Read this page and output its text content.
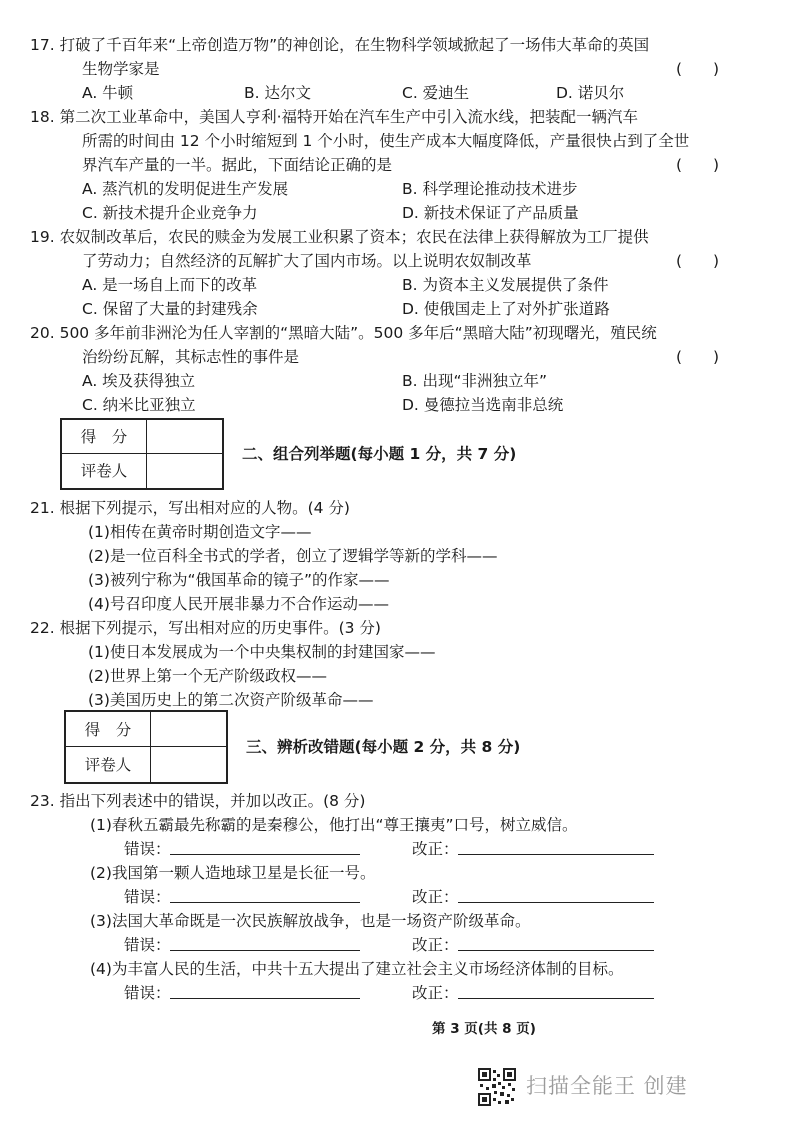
17. 打破了千百年来“上帝创造万物”的神创论，在生物科学领域掀起了一场伟大革命的英国
生物学家是	(　　)
A. 牛顿	B. 达尔文	C. 爱迪生	D. 诺贝尔
18. 第二次工业革命中，美国人亨利·福特开始在汽车生产中引入流水线，把装配一辆汽车
所需的时间由 12 个小时缩短到 1 个小时，使生产成本大幅度降低，产量很快占到了全世
界汽车产量的一半。据此，下面结论正确的是	(　　)
A. 蒸汽机的发明促进生产发展	B. 科学理论推动技术进步
C. 新技术提升企业竞争力	D. 新技术保证了产品质量
19. 农奴制改革后，农民的赎金为发展工业积累了资本；农民在法律上获得解放为工厂提供
了劳动力；自然经济的瓦解扩大了国内市场。以上说明农奴制改革	(　　)
A. 是一场自上而下的改革	B. 为资本主义发展提供了条件
C. 保留了大量的封建残余	D. 使俄国走上了对外扩张道路
20. 500 多年前非洲沦为任人宰割的“黑暗大陆”。500 多年后“黑暗大陆”初现曙光，殖民统
治纷纷瓦解，其标志性的事件是	(　　)
A. 埃及获得独立	B. 出现“非洲独立年”
C. 纳米比亚独立	D. 曼德拉当选南非总统
得　分
评卷人
二、组合列举题(每小题 1 分，共 7 分)
21. 根据下列提示，写出相对应的人物。(4 分)
(1)相传在黄帝时期创造文字——
(2)是一位百科全书式的学者，创立了逻辑学等新的学科——
(3)被列宁称为“俄国革命的镜子”的作家——
(4)号召印度人民开展非暴力不合作运动——
22. 根据下列提示，写出相对应的历史事件。(3 分)
(1)使日本发展成为一个中央集权制的封建国家——
(2)世界上第一个无产阶级政权——
(3)美国历史上的第二次资产阶级革命——
得　分
评卷人
三、辨析改错题(每小题 2 分，共 8 分)
23. 指出下列表述中的错误，并加以改正。(8 分)
(1)春秋五霸最先称霸的是秦穆公，他打出“尊王攘夷”口号，树立威信。
错误：	改正：
(2)我国第一颗人造地球卫星是长征一号。
错误：	改正：
(3)法国大革命既是一次民族解放战争，也是一场资产阶级革命。
错误：	改正：
(4)为丰富人民的生活，中共十五大提出了建立社会主义市场经济体制的目标。
错误：	改正：
第 3 页(共 8 页)
扫描全能王 创建
